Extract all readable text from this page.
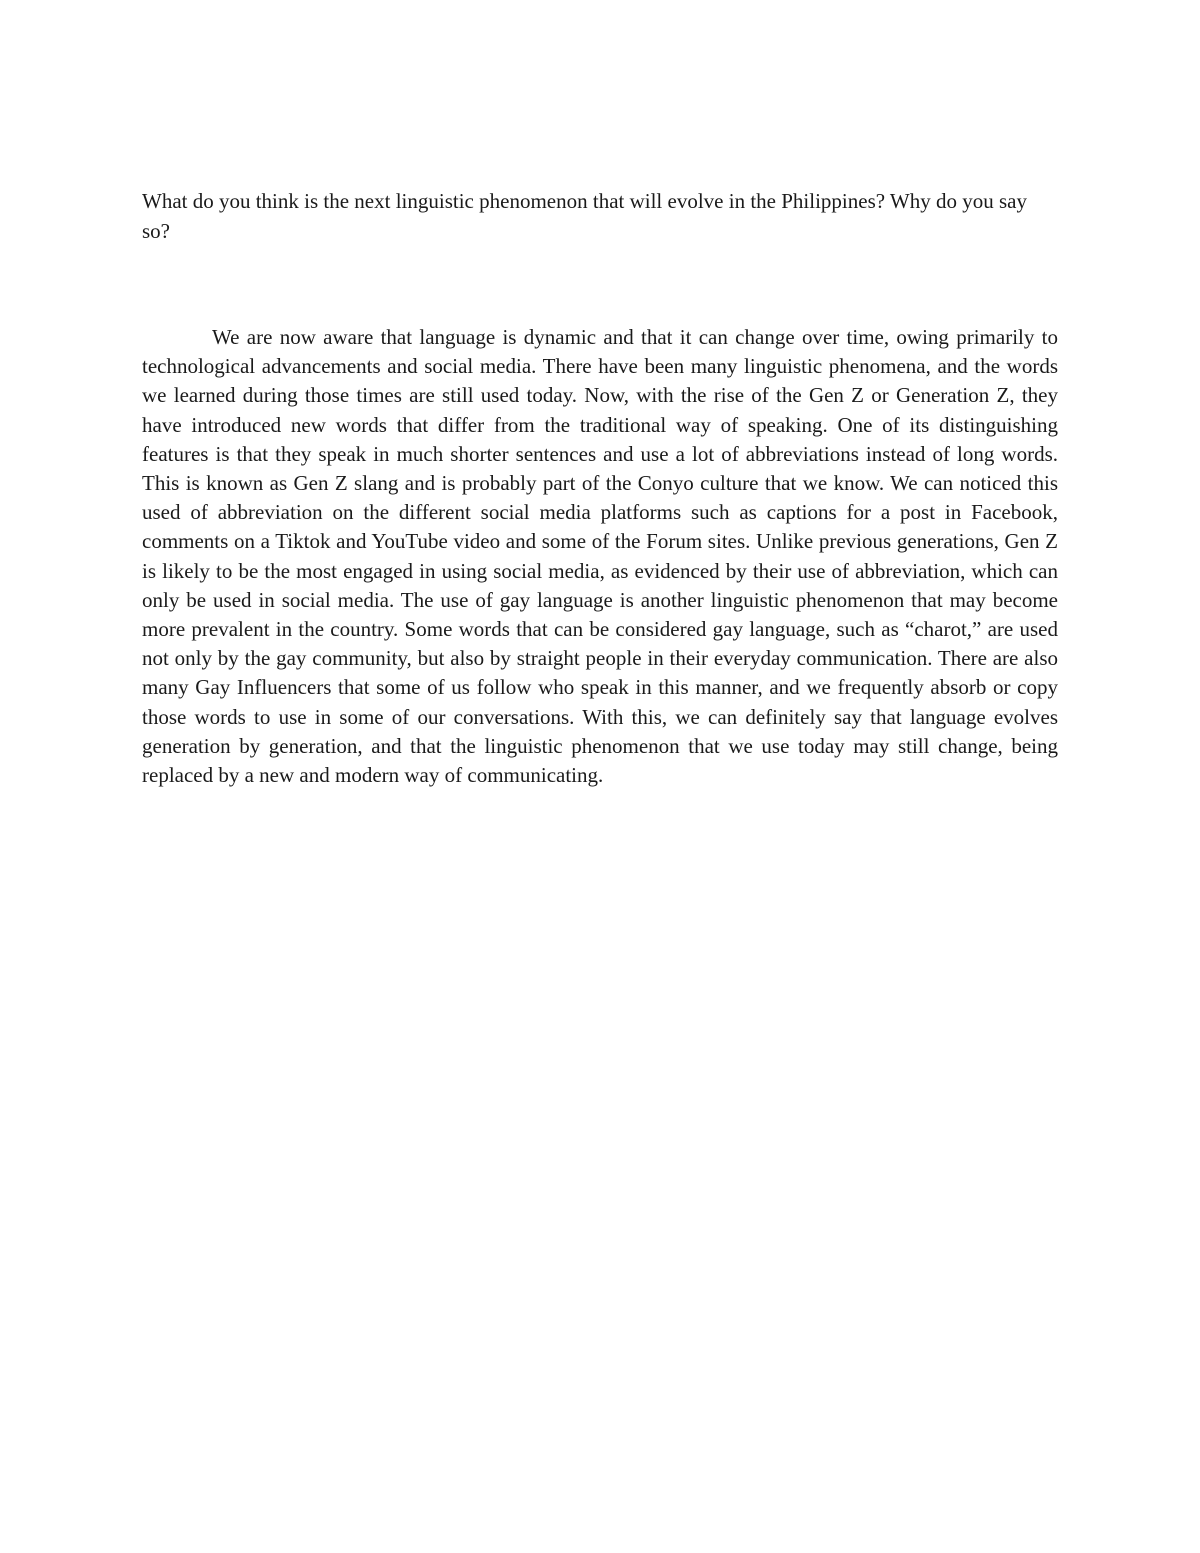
What do you think is the next linguistic phenomenon that will evolve in the Philippines? Why do you say so?

We are now aware that language is dynamic and that it can change over time, owing primarily to technological advancements and social media. There have been many linguistic phenomena, and the words we learned during those times are still used today. Now, with the rise of the Gen Z or Generation Z, they have introduced new words that differ from the traditional way of speaking. One of its distinguishing features is that they speak in much shorter sentences and use a lot of abbreviations instead of long words. This is known as Gen Z slang and is probably part of the Conyo culture that we know. We can noticed this used of abbreviation on the different social media platforms such as captions for a post in Facebook, comments on a Tiktok and YouTube video and some of the Forum sites. Unlike previous generations, Gen Z is likely to be the most engaged in using social media, as evidenced by their use of abbreviation, which can only be used in social media. The use of gay language is another linguistic phenomenon that may become more prevalent in the country. Some words that can be considered gay language, such as “charot,” are used not only by the gay community, but also by straight people in their everyday communication. There are also many Gay Influencers that some of us follow who speak in this manner, and we frequently absorb or copy those words to use in some of our conversations. With this, we can definitely say that language evolves generation by generation, and that the linguistic phenomenon that we use today may still change, being replaced by a new and modern way of communicating.
